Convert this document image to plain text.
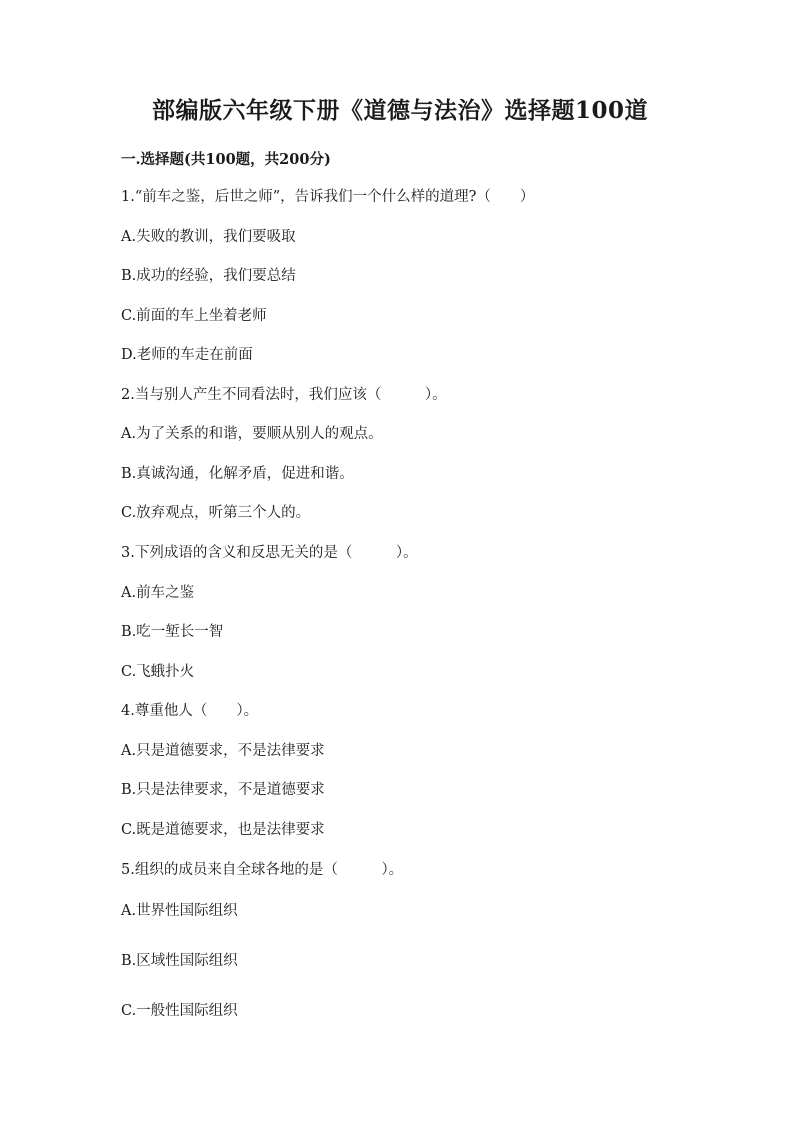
部编版六年级下册《道德与法治》选择题100道
一.选择题(共100题，共200分)
1.“前车之鉴，后世之师”，告诉我们一个什么样的道理?（　　）
A.失败的教训，我们要吸取
B.成功的经验，我们要总结
C.前面的车上坐着老师
D.老师的车走在前面
2.当与别人产生不同看法时，我们应该（　　　）。
A.为了关系的和谐，要顺从别人的观点。
B.真诚沟通，化解矛盾，促进和谐。
C.放弃观点，听第三个人的。
3.下列成语的含义和反思无关的是（　　　）。
A.前车之鉴
B.吃一堑长一智
C.飞蛾扑火
4.尊重他人（　　）。
A.只是道德要求，不是法律要求
B.只是法律要求，不是道德要求
C.既是道德要求，也是法律要求
5.组织的成员来自全球各地的是（　　　）。
A.世界性国际组织
B.区域性国际组织
C.一般性国际组织
